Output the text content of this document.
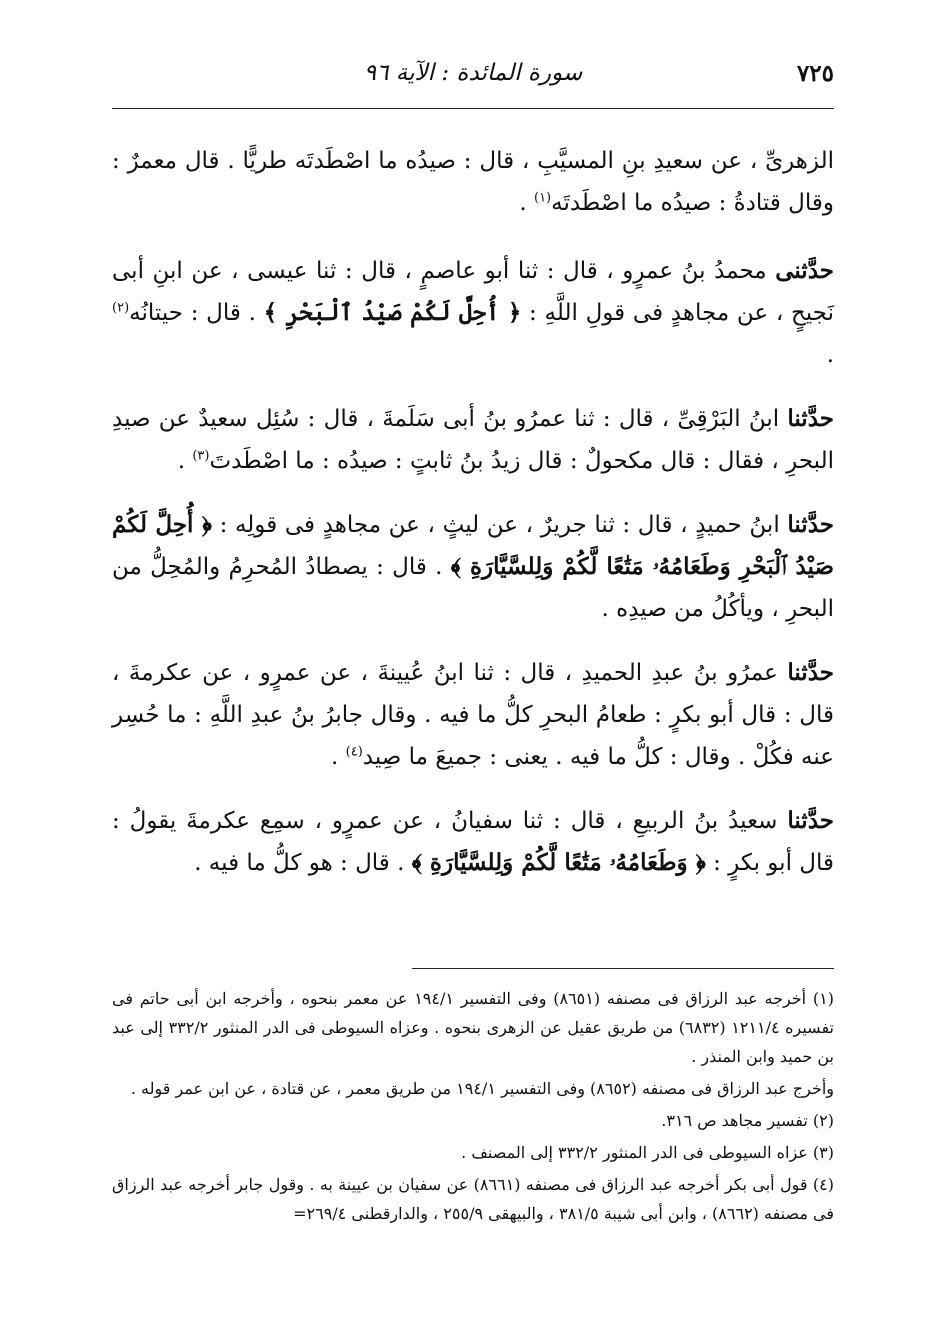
٧٢٥
سورة المائدة : الآية ٩٦

الزهرىِّ ، عن سعيدِ بنِ المسيَّبِ ، قال : صيدُه ما اصْطَدتَه طريًّا . قال معمرٌ : وقال قتادةُ : صيدُه ما اصْطَدتَه$^{(١)}$ .

حدَّثنى محمدُ بنُ عمرٍو ، قال : ثنا أبو عاصمٍ ، قال : ثنا عيسى ، عن ابنِ أبى نَجيحٍ ، عن مجاهدٍ فى قولِ اللَّهِ : ﴿ أُحِلَّ لَكُمْ صَيْدُ ٱلْبَحْرِ ﴾ . قال : حيتانُه$^{(٢)}$ .

حدَّثنا ابنُ البَرْقِىِّ ، قال : ثنا عمرُو بنُ أبى سَلَمةَ ، قال : سُئِل سعيدٌ عن صيدِ البحرِ ، فقال : قال مكحولٌ : قال زيدُ بنُ ثابتٍ : صيدُه : ما اصْطَدتَ$^{(٣)}$ .

حدَّثنا ابنُ حميدٍ ، قال : ثنا جريرٌ ، عن ليثٍ ، عن مجاهدٍ فى قولِه : ﴿ أُحِلَّ لَكُمْ صَيْدُ ٱلْبَحْرِ وَطَعَامُهُۥ مَتَٰعًا لَّكُمْ وَلِلسَّيَّارَةِ ﴾ . قال : يصطادُ المُحرِمُ والمُحِلُّ من البحرِ ، ويأكُلُ من صيدِه .

حدَّثنا عمرُو بنُ عبدِ الحميدِ ، قال : ثنا ابنُ عُيينةَ ، عن عمرٍو ، عن عكرمةَ ، قال : قال أبو بكرٍ : طعامُ البحرِ كلُّ ما فيه . وقال جابرُ بنُ عبدِ اللَّهِ : ما حُسِر عنه فكُلْ . وقال : كلُّ ما فيه . يعنى : جميعَ ما صِيد$^{(٤)}$ .

حدَّثنا سعيدُ بنُ الربيعِ ، قال : ثنا سفيانُ ، عن عمرٍو ، سمِع عكرمةَ يقولُ : قال أبو بكرٍ : ﴿ وَطَعَامُهُۥ مَتَٰعًا لَّكُمْ وَلِلسَّيَّارَةِ ﴾ . قال : هو كلُّ ما فيه .

(١) أخرجه عبد الرزاق فى مصنفه (٨٦٥١) وفى التفسير ١٩٤/١ عن معمر بنحوه ، وأخرجه ابن أبى حاتم فى تفسيره ١٢١١/٤ (٦٨٣٢) من طريق عقيل عن الزهرى بنحوه . وعزاه السيوطى فى الدر المنثور ٣٣٢/٢ إلى عبد بن حميد وابن المنذر .

وأخرج عبد الرزاق فى مصنفه (٨٦٥٢) وفى التفسير ١٩٤/١ من طريق معمر ، عن قتادة ، عن ابن عمر قوله .

(٢) تفسير مجاهد ص ٣١٦.

(٣) عزاه السيوطى فى الدر المنثور ٣٣٢/٢ إلى المصنف .

(٤) قول أبى بكر أخرجه عبد الرزاق فى مصنفه (٨٦٦١) عن سفيان بن عيينة به . وقول جابر أخرجه عبد الرزاق فى مصنفه (٨٦٦٢) ، وابن أبى شيبة ٣٨١/٥ ، والبيهقى ٢٥٥/٩ ، والدارقطنى ٢٦٩/٤=
